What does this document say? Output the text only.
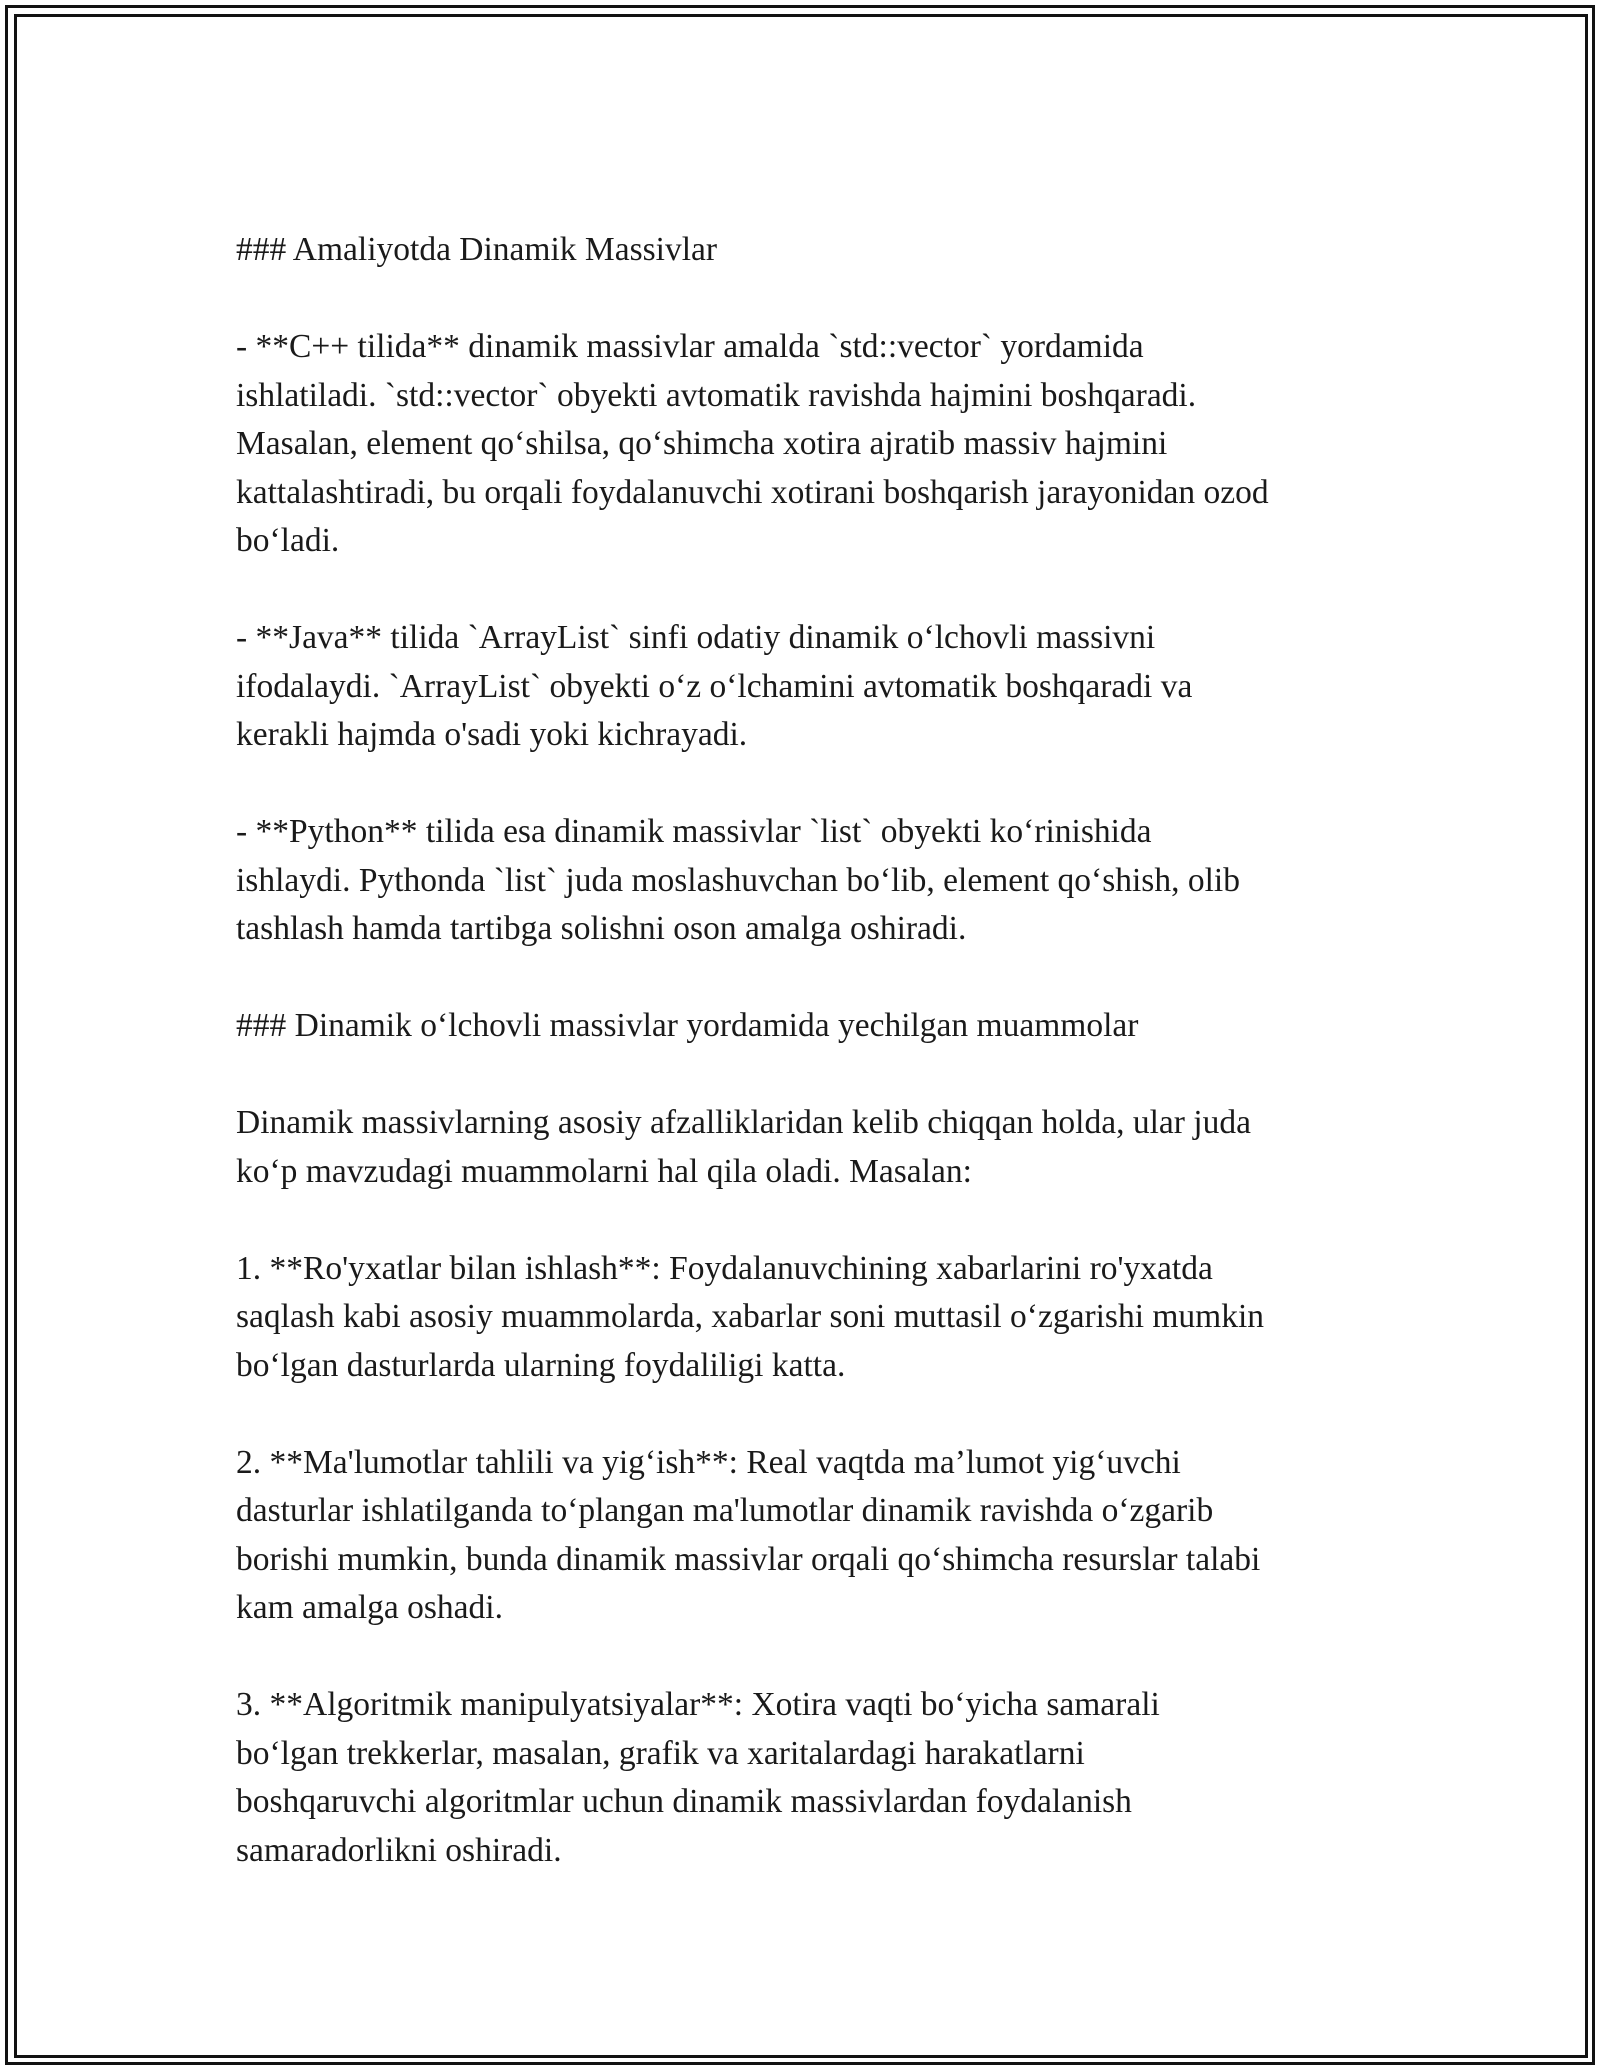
### Amaliyotda Dinamik Massivlar

- **C++ tilida** dinamik massivlar amalda `std::vector` yordamida
ishlatiladi. `std::vector` obyekti avtomatik ravishda hajmini boshqaradi.
Masalan, element qo‘shilsa, qo‘shimcha xotira ajratib massiv hajmini
kattalashtiradi, bu orqali foydalanuvchi xotirani boshqarish jarayonidan ozod
bo‘ladi.

- **Java** tilida `ArrayList` sinfi odatiy dinamik o‘lchovli massivni
ifodalaydi. `ArrayList` obyekti o‘z o‘lchamini avtomatik boshqaradi va
kerakli hajmda o'sadi yoki kichrayadi.

- **Python** tilida esa dinamik massivlar `list` obyekti ko‘rinishida
ishlaydi. Pythonda `list` juda moslashuvchan bo‘lib, element qo‘shish, olib
tashlash hamda tartibga solishni oson amalga oshiradi.

### Dinamik o‘lchovli massivlar yordamida yechilgan muammolar

Dinamik massivlarning asosiy afzalliklaridan kelib chiqqan holda, ular juda
ko‘p mavzudagi muammolarni hal qila oladi. Masalan:

1. **Ro'yxatlar bilan ishlash**: Foydalanuvchining xabarlarini ro'yxatda
saqlash kabi asosiy muammolarda, xabarlar soni muttasil o‘zgarishi mumkin
bo‘lgan dasturlarda ularning foydaliligi katta.

2. **Ma'lumotlar tahlili va yig‘ish**: Real vaqtda ma’lumot yig‘uvchi
dasturlar ishlatilganda to‘plangan ma'lumotlar dinamik ravishda o‘zgarib
borishi mumkin, bunda dinamik massivlar orqali qo‘shimcha resurslar talabi
kam amalga oshadi.

3. **Algoritmik manipulyatsiyalar**: Xotira vaqti bo‘yicha samarali
bo‘lgan trekkerlar, masalan, grafik va xaritalardagi harakatlarni
boshqaruvchi algoritmlar uchun dinamik massivlardan foydalanish
samaradorlikni oshiradi.
